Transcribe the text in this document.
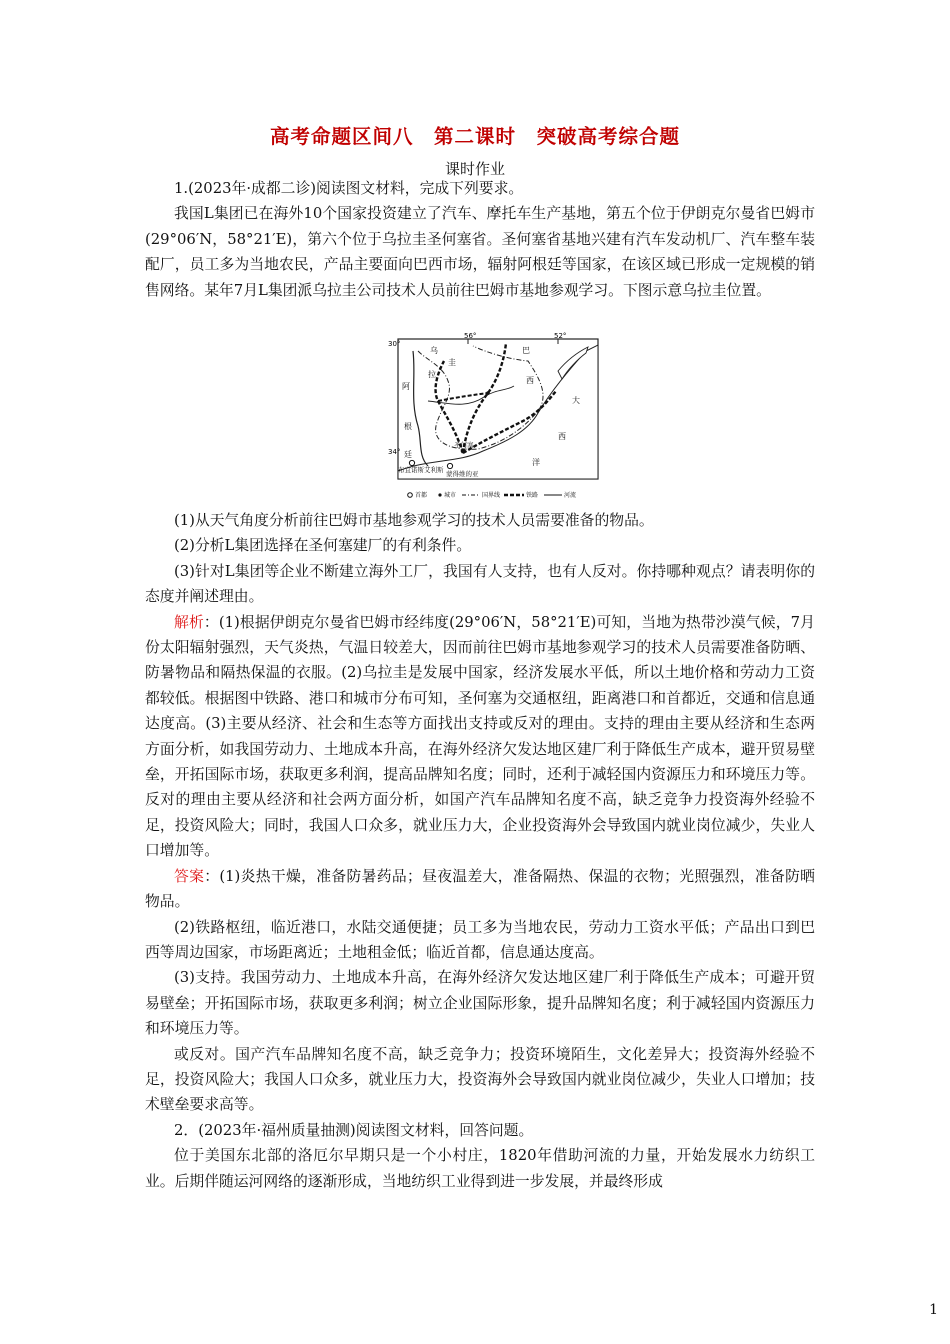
高考命题区间八　第二课时　突破高考综合题
课时作业

1.(2023年·成都二诊)阅读图文材料，完成下列要求。

我国L集团已在海外10个国家投资建立了汽车、摩托车生产基地，第五个位于伊朗克尔曼省巴姆市(29°06′N，58°21′E)，第六个位于乌拉圭圣何塞省。圣何塞省基地兴建有汽车发动机厂、汽车整车装配厂，员工多为当地农民，产品主要面向巴西市场，辐射阿根廷等国家，在该区域已形成一定规模的销售网络。某年7月L集团派乌拉圭公司技术人员前往巴姆市基地参观学习。下图示意乌拉圭位置。

56°	52°
30°
34°
乌
拉
圭
巴
西
阿
根
廷
大
西
洋
圣何塞
布宜诺斯艾利斯 蒙得维的亚
首都	城市	国界线	铁路	河流

(1)从天气角度分析前往巴姆市基地参观学习的技术人员需要准备的物品。

(2)分析L集团选择在圣何塞建厂的有利条件。

(3)针对L集团等企业不断建立海外工厂，我国有人支持，也有人反对。你持哪种观点？请表明你的态度并阐述理由。

解析：(1)根据伊朗克尔曼省巴姆市经纬度(29°06′N，58°21′E)可知，当地为热带沙漠气候，7月份太阳辐射强烈，天气炎热，气温日较差大，因而前往巴姆市基地参观学习的技术人员需要准备防晒、防暑物品和隔热保温的衣服。(2)乌拉圭是发展中国家，经济发展水平低，所以土地价格和劳动力工资都较低。根据图中铁路、港口和城市分布可知，圣何塞为交通枢纽，距离港口和首都近，交通和信息通达度高。(3)主要从经济、社会和生态等方面找出支持或反对的理由。支持的理由主要从经济和生态两方面分析，如我国劳动力、土地成本升高，在海外经济欠发达地区建厂利于降低生产成本，避开贸易壁垒，开拓国际市场，获取更多利润，提高品牌知名度；同时，还利于减轻国内资源压力和环境压力等。反对的理由主要从经济和社会两方面分析，如国产汽车品牌知名度不高，缺乏竞争力投资海外经验不足，投资风险大；同时，我国人口众多，就业压力大，企业投资海外会导致国内就业岗位减少，失业人口增加等。

答案：(1)炎热干燥，准备防暑药品；昼夜温差大，准备隔热、保温的衣物；光照强烈，准备防晒物品。

(2)铁路枢纽，临近港口，水陆交通便捷；员工多为当地农民，劳动力工资水平低；产品出口到巴西等周边国家，市场距离近；土地租金低；临近首都，信息通达度高。

(3)支持。我国劳动力、土地成本升高，在海外经济欠发达地区建厂利于降低生产成本；可避开贸易壁垒；开拓国际市场，获取更多利润；树立企业国际形象，提升品牌知名度；利于减轻国内资源压力和环境压力等。

或反对。国产汽车品牌知名度不高，缺乏竞争力；投资环境陌生，文化差异大；投资海外经验不足，投资风险大；我国人口众多，就业压力大，投资海外会导致国内就业岗位减少，失业人口增加；技术壁垒要求高等。

2．(2023年·福州质量抽测)阅读图文材料，回答问题。

位于美国东北部的洛厄尔早期只是一个小村庄，1820年借助河流的力量，开始发展水力纺织工业。后期伴随运河网络的逐渐形成，当地纺织工业得到进一步发展，并最终形成

1
